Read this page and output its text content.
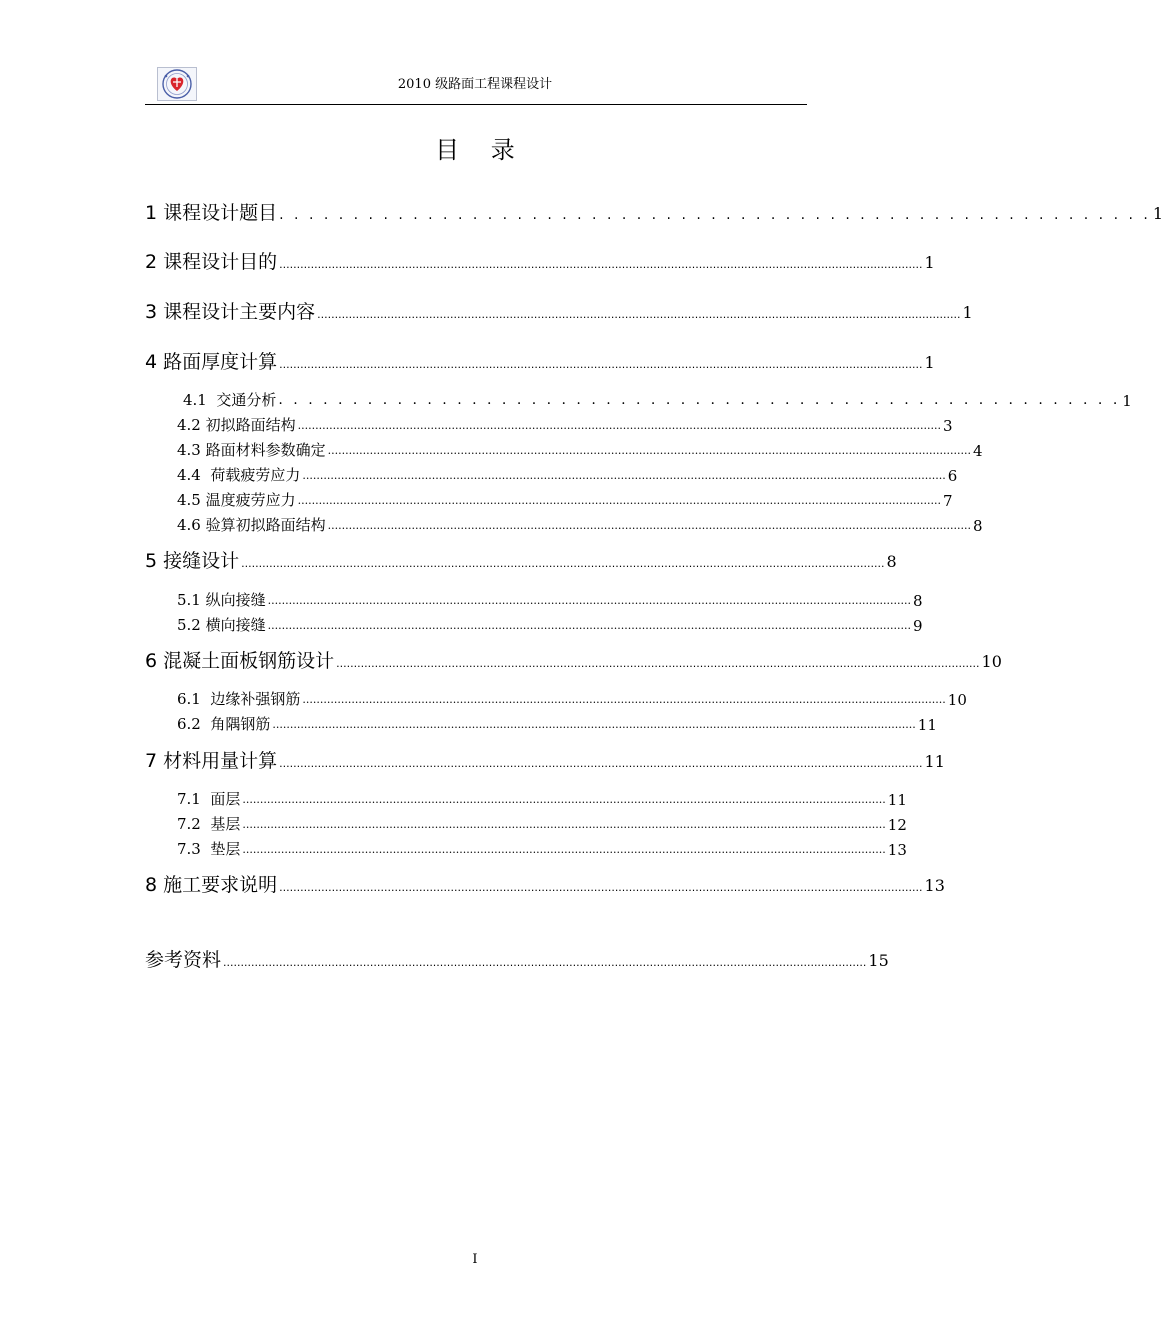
2010 级路面工程课程设计
目 录
1 课程设计题目 . . . . . . . . . . . . . . . . . . . . . . . . . . . . . . . . . . . . . . . . . . . . . . . . . . . . . . . . . . . 1
2 课程设计目的 ........................................................................................................................................................................................ 1
3 课程设计主要内容 ........................................................................................................................................................................................ 1
4 路面厚度计算 ........................................................................................................................................................................................ 1
4.1  交通分析 . . . . . . . . . . . . . . . . . . . . . . . . . . . . . . . . . . . . . . . . . . . . . . . . . . . . . . . . . 1
4.2 初拟路面结构 ........................................................................................................................................................................................ 3
4.3 路面材料参数确定 ........................................................................................................................................................................................ 4
4.4  荷载疲劳应力 ........................................................................................................................................................................................ 6
4.5 温度疲劳应力 ........................................................................................................................................................................................ 7
4.6 验算初拟路面结构 ........................................................................................................................................................................................ 8
5 接缝设计 ........................................................................................................................................................................................ 8
5.1 纵向接缝 ........................................................................................................................................................................................ 8
5.2 横向接缝 ........................................................................................................................................................................................ 9
6 混凝土面板钢筋设计 ........................................................................................................................................................................................ 10
6.1  边缘补强钢筋 ........................................................................................................................................................................................ 10
6.2  角隅钢筋 ........................................................................................................................................................................................ 11
7 材料用量计算 ........................................................................................................................................................................................ 11
7.1  面层 ........................................................................................................................................................................................ 11
7.2  基层 ........................................................................................................................................................................................ 12
7.3  垫层 ........................................................................................................................................................................................ 13
8 施工要求说明 ........................................................................................................................................................................................ 13
参考资料 ........................................................................................................................................................................................ 15
I
